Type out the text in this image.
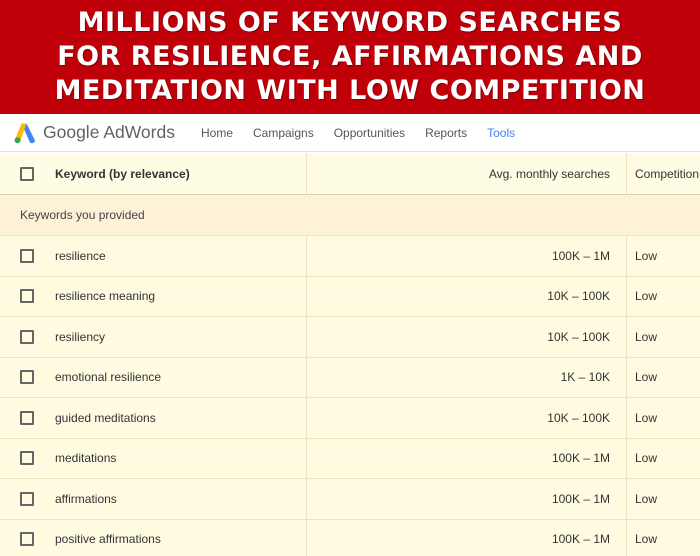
MILLIONS OF KEYWORD SEARCHES
FOR RESILIENCE, AFFIRMATIONS AND
MEDITATION WITH LOW COMPETITION
Google AdWords Home Campaigns Opportunities Reports Tools
Keyword (by relevance)	Avg. monthly searches	Competition
Keywords you provided
resilience	100K – 1M	Low
resilience meaning	10K – 100K	Low
resiliency	10K – 100K	Low
emotional resilience	1K – 10K	Low
guided meditations	10K – 100K	Low
meditations	100K – 1M	Low
affirmations	100K – 1M	Low
positive affirmations	100K – 1M	Low
